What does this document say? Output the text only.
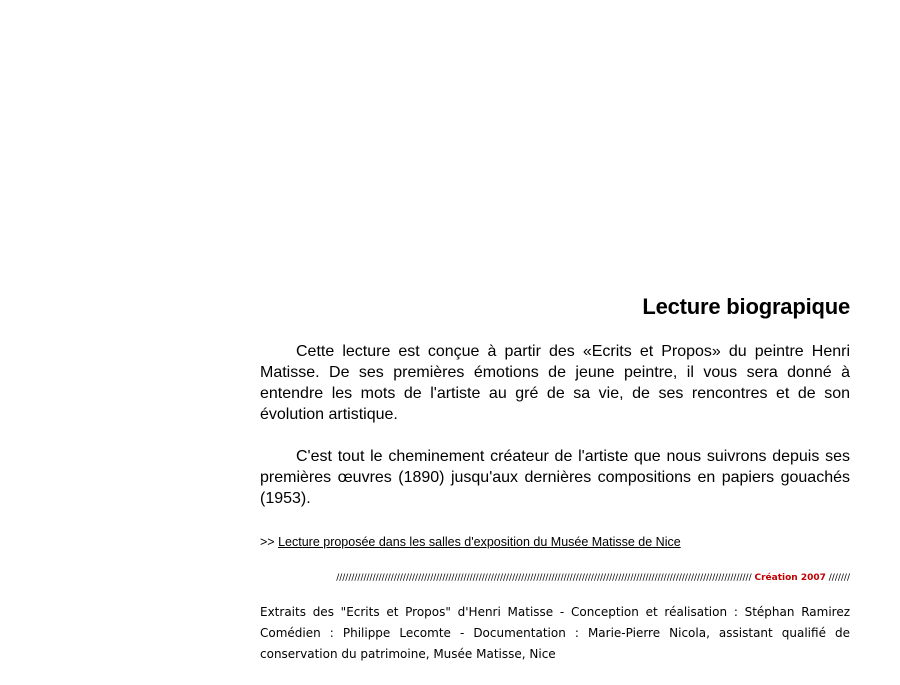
Lecture biograpique

Cette lecture est conçue à partir des «Ecrits et Propos» du peintre Henri Matisse. De ses premières émotions de jeune peintre, il vous sera donné à entendre les mots de l'artiste au gré de sa vie, de ses rencontres et de son évolution artistique.

C'est tout le cheminement créateur de l'artiste que nous suivrons depuis ses premières œuvres (1890) jusqu'aux dernières compositions en papiers gouachés (1953).

>> Lecture proposée dans les salles d'exposition du Musée Matisse de Nice
///////////////////////////////////////////////////////////////////////////////////////////////////////////////////////////////////////// Création 2007 ///////
Extraits des "Ecrits et Propos" d'Henri Matisse - Conception et réalisation : Stéphan Ramirez Comédien : Philippe Lecomte - Documentation : Marie-Pierre Nicola, assistant qualifié de conservation du patrimoine, Musée Matisse, Nice
